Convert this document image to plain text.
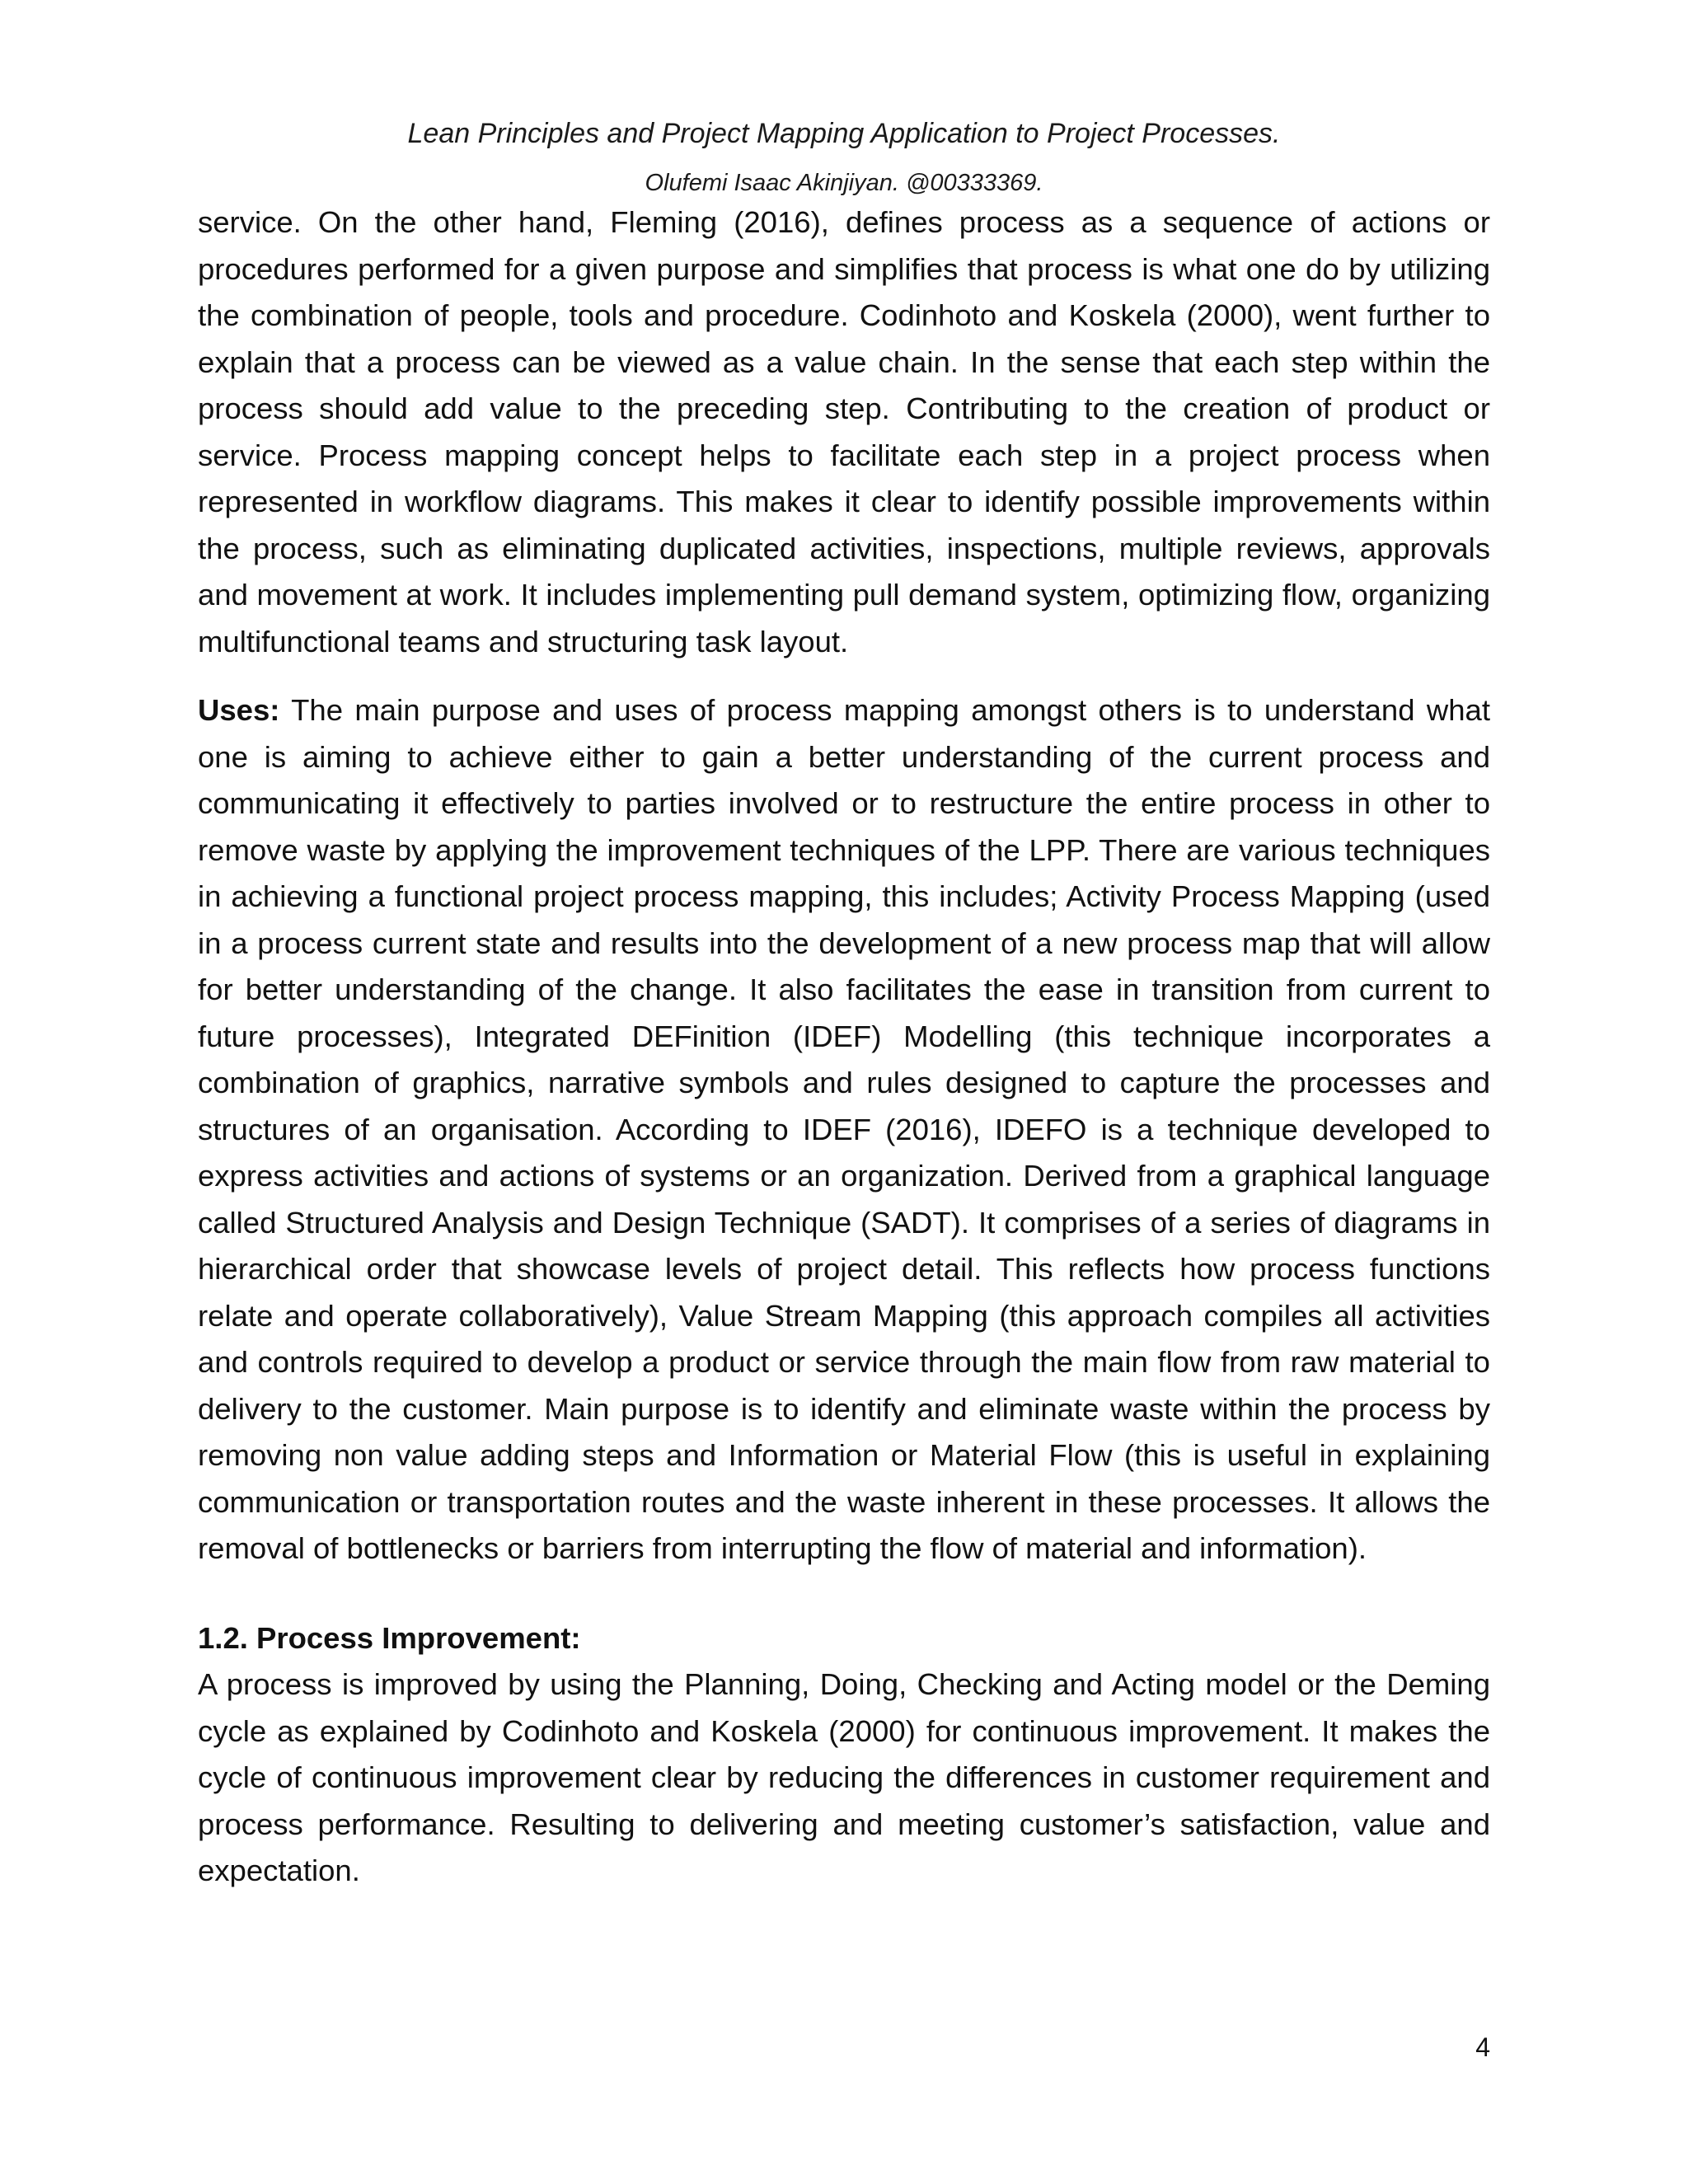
Lean Principles and Project Mapping Application to Project Processes.
Olufemi Isaac Akinjiyan. @00333369.

service. On the other hand, Fleming (2016), defines process as a sequence of actions or procedures performed for a given purpose and simplifies that process is what one do by utilizing the combination of people, tools and procedure. Codinhoto and Koskela (2000), went further to explain that a process can be viewed as a value chain. In the sense that each step within the process should add value to the preceding step. Contributing to the creation of product or service. Process mapping concept helps to facilitate each step in a project process when represented in workflow diagrams. This makes it clear to identify possible improvements within the process, such as eliminating duplicated activities, inspections, multiple reviews, approvals and movement at work. It includes implementing pull demand system, optimizing flow, organizing multifunctional teams and structuring task layout.

Uses: The main purpose and uses of process mapping amongst others is to understand what one is aiming to achieve either to gain a better understanding of the current process and communicating it effectively to parties involved or to restructure the entire process in other to remove waste by applying the improvement techniques of the LPP. There are various techniques in achieving a functional project process mapping, this includes; Activity Process Mapping (used in a process current state and results into the development of a new process map that will allow for better understanding of the change. It also facilitates the ease in transition from current to future processes), Integrated DEFinition (IDEF) Modelling (this technique incorporates a combination of graphics, narrative symbols and rules designed to capture the processes and structures of an organisation. According to IDEF (2016), IDEFO is a technique developed to express activities and actions of systems or an organization. Derived from a graphical language called Structured Analysis and Design Technique (SADT). It comprises of a series of diagrams in hierarchical order that showcase levels of project detail. This reflects how process functions relate and operate collaboratively), Value Stream Mapping (this approach compiles all activities and controls required to develop a product or service through the main flow from raw material to delivery to the customer. Main purpose is to identify and eliminate waste within the process by removing non value adding steps and Information or Material Flow (this is useful in explaining communication or transportation routes and the waste inherent in these processes. It allows the removal of bottlenecks or barriers from interrupting the flow of material and information).

1.2. Process Improvement:

A process is improved by using the Planning, Doing, Checking and Acting model or the Deming cycle as explained by Codinhoto and Koskela (2000) for continuous improvement. It makes the cycle of continuous improvement clear by reducing the differences in customer requirement and process performance. Resulting to delivering and meeting customer’s satisfaction, value and expectation.

4
